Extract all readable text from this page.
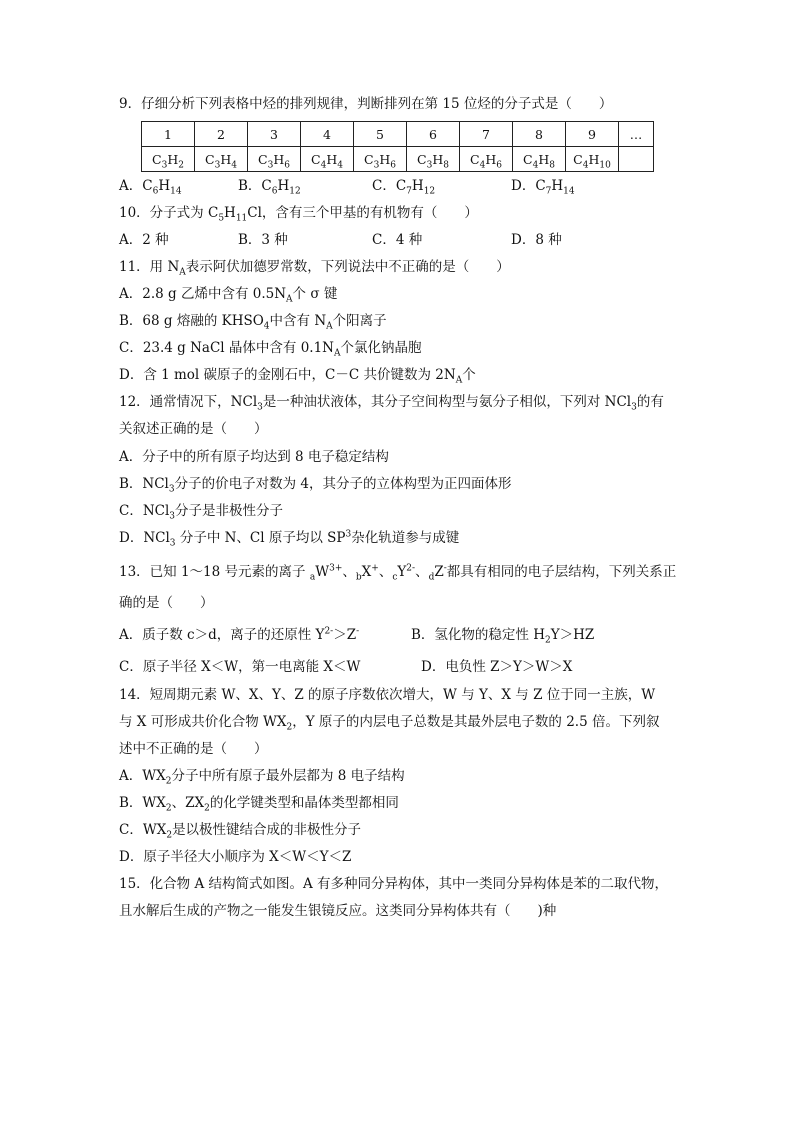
9．仔细分析下列表格中烃的排列规律，判断排列在第 15 位烃的分子式是（　　）
1	2	3	4	5	6	7	8	9	…
$C_3H_2$	$C_3H_4$	$C_3H_6$	$C_4H_4$	$C_3H_6$	$C_3H_8$	$C_4H_6$	$C_4H_8$	$C_4H_{10}$	
A．$C_6H_{14}$	B．$C_6H_{12}$	C．$C_7H_{12}$	D．$C_7H_{14}$
10．分子式为 $C_5H_{11}Cl$，含有三个甲基的有机物有（　　）
A．2 种	B．3 种	C．4 种	D．8 种
11．用 $N_A$表示阿伏加德罗常数，下列说法中不正确的是（　　）
A．2.8 g 乙烯中含有 $0.5N_A$个 σ 键
B．68 g 熔融的 $KHSO_4$中含有 $N_A$个阳离子
C．23.4 g NaCl 晶体中含有 $0.1N_A$个氯化钠晶胞
D．含 1 mol 碳原子的金刚石中，C－C 共价键数为 $2N_A$个
12．通常情况下，NCl$_3$是一种油状液体，其分子空间构型与氨分子相似，下列对 NCl$_3$的有
关叙述正确的是（　　）
A．分子中的所有原子均达到 8 电子稳定结构
B．NCl$_3$分子的价电子对数为 4，其分子的立体构型为正四面体形
C．NCl$_3$分子是非极性分子
D．NCl$_3$ 分子中 N、Cl 原子均以 $SP^3$杂化轨道参与成键
13．已知 1～18 号元素的离子 $_aW^{3+}$、$_b$X+、$_cY^{2-}$、$_d$Z-都具有相同的电子层结构，下列关系正
确的是（　　）
A．质子数 c＞d，离子的还原性 $Y^{2-}>Z^-$	B．氢化物的稳定性 $H_2Y>HZ$
C．原子半径 X＜W，第一电离能 X＜W	D．电负性 Z＞Y＞W＞X
14．短周期元素 W、X、Y、Z 的原子序数依次增大，W 与 Y、X 与 Z 位于同一主族，W
与 X 可形成共价化合物 $WX_2$，Y 原子的内层电子总数是其最外层电子数的 2.5 倍。下列叙
述中不正确的是（　　）
A．$WX_2$分子中所有原子最外层都为 8 电子结构
B．$WX_2$、$ZX_2$的化学键类型和晶体类型都相同
C．$WX_2$是以极性键结合成的非极性分子
D．原子半径大小顺序为 X＜W＜Y＜Z
15．化合物 A 结构简式如图。A 有多种同分异构体，其中一类同分异构体是苯的二取代物，
且水解后生成的产物之一能发生银镜反应。这类同分异构体共有（　　)种
